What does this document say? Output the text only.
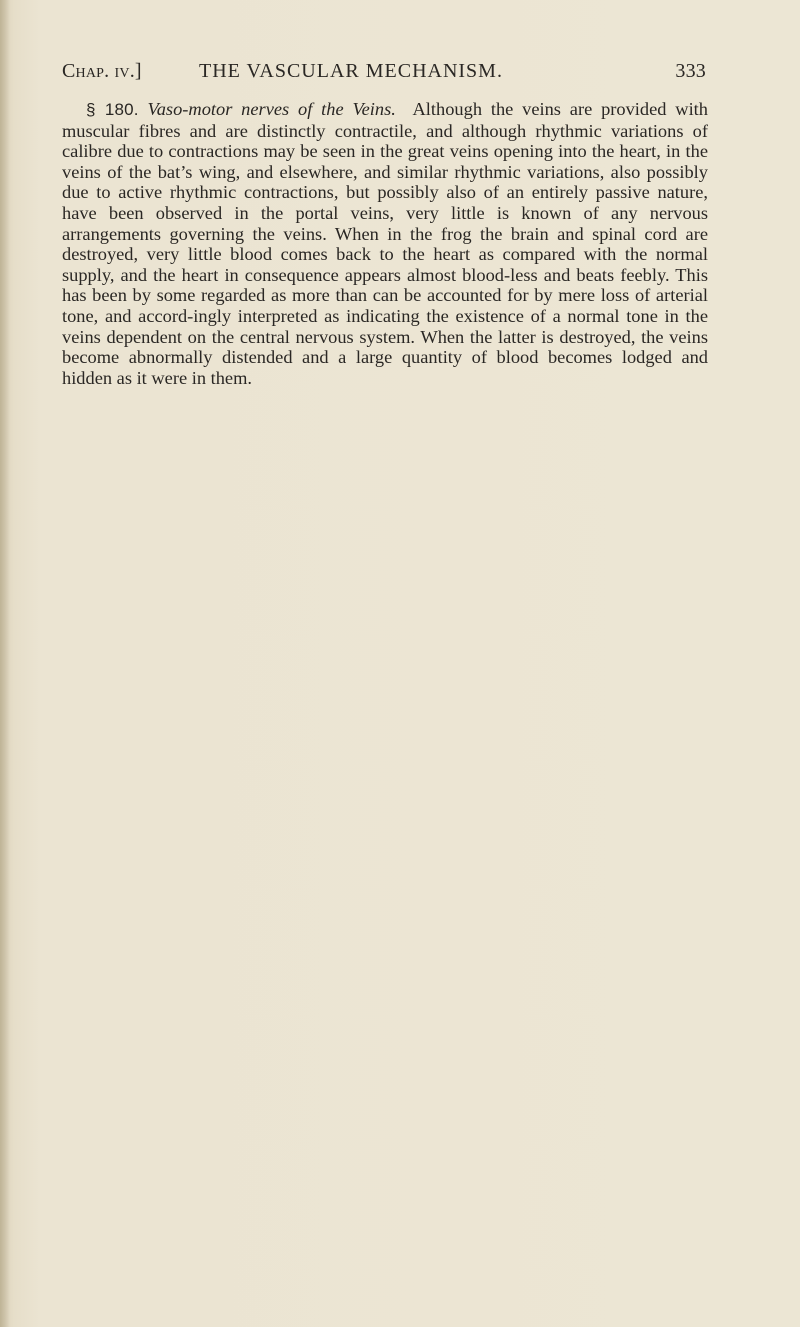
Chap. iv.]	THE VASCULAR MECHANISM.	333

§ 180. Vaso-motor nerves of the Veins. Although the veins are provided with muscular fibres and are distinctly contractile, and although rhythmic variations of calibre due to contractions may be seen in the great veins opening into the heart, in the veins of the bat’s wing, and elsewhere, and similar rhythmic variations, also possibly due to active rhythmic contractions, but possibly also of an entirely passive nature, have been observed in the portal veins, very little is known of any nervous arrangements governing the veins. When in the frog the brain and spinal cord are destroyed, very little blood comes back to the heart as compared with the normal supply, and the heart in consequence appears almost blood-less and beats feebly. This has been by some regarded as more than can be accounted for by mere loss of arterial tone, and accord-ingly interpreted as indicating the existence of a normal tone in the veins dependent on the central nervous system. When the latter is destroyed, the veins become abnormally distended and a large quantity of blood becomes lodged and hidden as it were in them.
